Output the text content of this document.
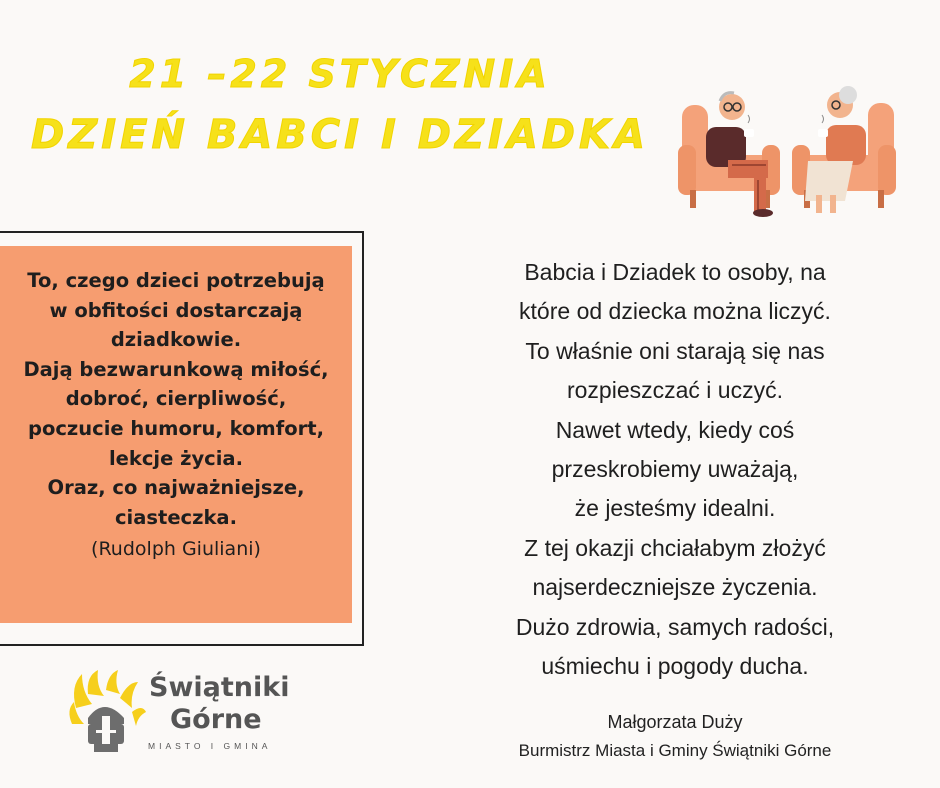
21 –22 STYCZNIA
DZIEŃ BABCI I DZIADKA
To, czego dzieci potrzebują
w obfitości dostarczają
dziadkowie.
Dają bezwarunkową miłość,
dobroć, cierpliwość,
poczucie humoru, komfort,
lekcje życia.
Oraz, co najważniejsze,
ciasteczka.
(Rudolph Giuliani)
Babcia i Dziadek to osoby, na
które od dziecka można liczyć.
To właśnie oni starają się nas
rozpieszczać i uczyć.
Nawet wtedy, kiedy coś
przeskrobiemy uważają,
że jesteśmy idealni.
Z tej okazji chciałabym złożyć
najserdeczniejsze życzenia.
Dużo zdrowia, samych radości,
uśmiechu i pogody ducha.
Małgorzata Duży
Burmistrz Miasta i Gminy Świątniki Górne
Świątniki
Górne
MIASTO I GMINA
